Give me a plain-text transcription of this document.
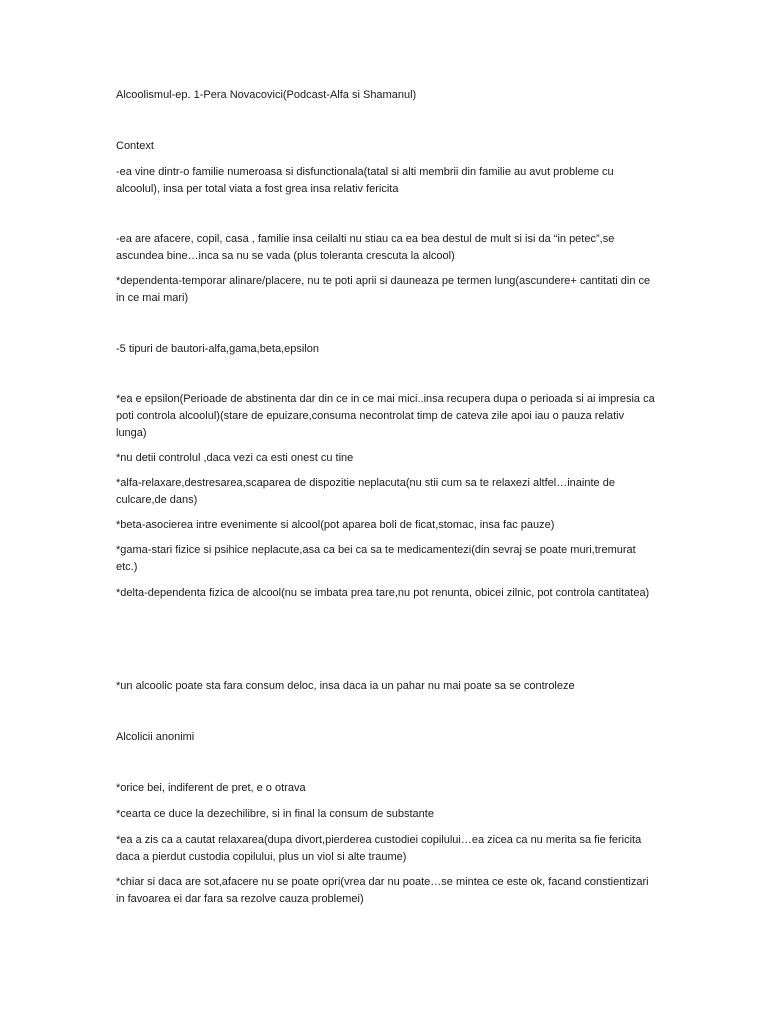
Alcoolismul-ep. 1-Pera Novacovici(Podcast-Alfa si Shamanul)
Context
-ea vine dintr-o familie numeroasa si disfunctionala(tatal si alti membrii din familie au avut probleme cu alcoolul), insa per total viata a fost grea insa relativ fericita
-ea are afacere, copil, casa , familie insa ceilalti nu stiau ca ea bea destul de mult si isi da “in petec”,se ascundea bine…inca sa nu se vada (plus toleranta crescuta la alcool)
*dependenta-temporar alinare/placere, nu te poti aprii si dauneaza pe termen lung(ascundere+ cantitati din ce in ce mai mari)
-5 tipuri de bautori-alfa,gama,beta,epsilon
*ea e epsilon(Perioade de abstinenta dar din ce in ce mai mici..insa recupera dupa o perioada si ai impresia ca poti controla alcoolul)(stare de epuizare,consuma necontrolat timp de cateva zile apoi iau o pauza relativ lunga)
*nu detii controlul ,daca vezi ca esti onest cu tine
*alfa-relaxare,destresarea,scaparea de dispozitie neplacuta(nu stii cum sa te relaxezi altfel…inainte de culcare,de dans)
*beta-asocierea intre evenimente si alcool(pot aparea boli de ficat,stomac, insa fac pauze)
*gama-stari fizice si psihice neplacute,asa ca bei ca sa te medicamentezi(din sevraj se poate muri,tremurat etc.)
*delta-dependenta fizica de alcool(nu se imbata prea tare,nu pot renunta, obicei zilnic, pot controla cantitatea)
*un alcoolic poate sta fara consum deloc, insa daca ia un pahar nu mai poate sa se controleze
Alcolicii anonimi
*orice bei, indiferent de pret, e o otrava
*cearta ce duce la dezechilibre, si in final la consum de substante
*ea a zis ca a cautat relaxarea(dupa divort,pierderea custodiei copilului…ea zicea ca nu merita sa fie fericita daca a pierdut custodia copilului, plus un viol si alte traume)
*chiar si daca are sot,afacere nu se poate opri(vrea dar nu poate…se mintea ce este ok, facand constientizari in favoarea ei dar fara sa rezolve cauza problemei)
